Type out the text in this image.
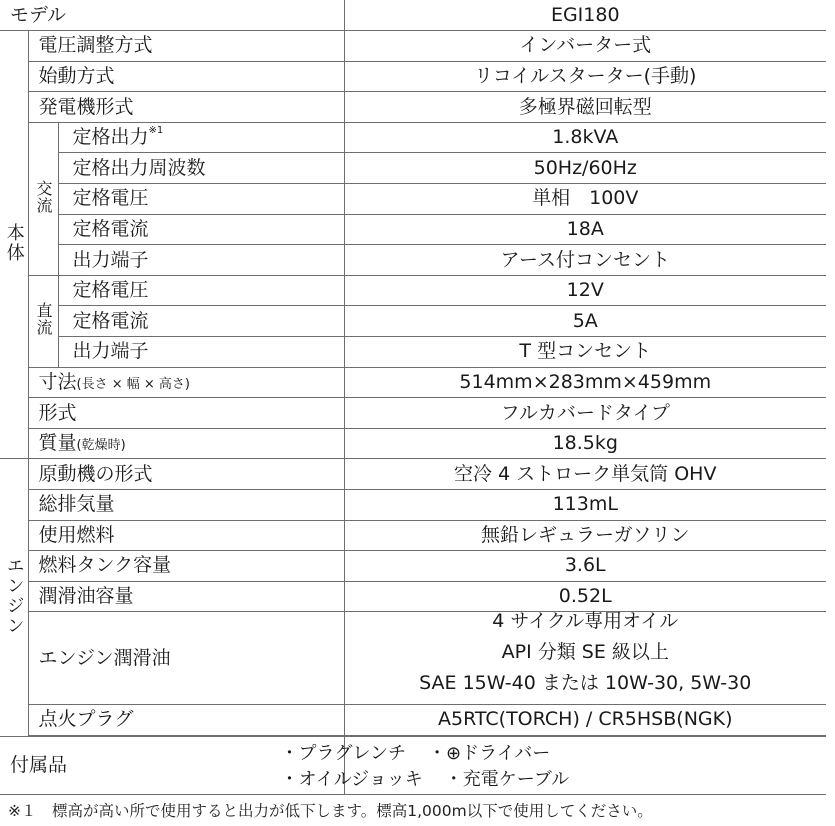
モデル			EGI180
本体	電圧調整方式		インバーター式
	始動方式		リコイルスターター(手動)
	発電機形式		多極界磁回転型
	交流	定格出力$^{※1}$	1.8kVA
		定格出力周波数	50Hz/60Hz
		定格電圧	単相　100V
		定格電流	18A
		出力端子	アース付コンセント
	直流	定格電圧	12V
		定格電流	5A
		出力端子	T 型コンセント
	寸法(長さ × 幅 × 高さ)		514mm×283mm×459mm
	形式		フルカバードタイプ
	質量(乾燥時)		18.5kg
エンジン	原動機の形式		空冷 4 ストローク単気筒 OHV
	総排気量		113mL
	使用燃料		無鉛レギュラーガソリン
	燃料タンク容量		3.6L
	潤滑油容量		0.52L
	エンジン潤滑油		4 サイクル専用オイル
API 分類 SE 級以上
SAE 15W-40 または 10W-30, 5W-30

	点火プラグ		A5RTC(TORCH) / CR5HSB(NGK)

付属品			・プラグレンチ ・⊕ドライバー
・オイルジョッキ ・充電ケーブル
※１　標高が高い所で使用すると出力が低下します。標高1,000m以下で使用してください。
